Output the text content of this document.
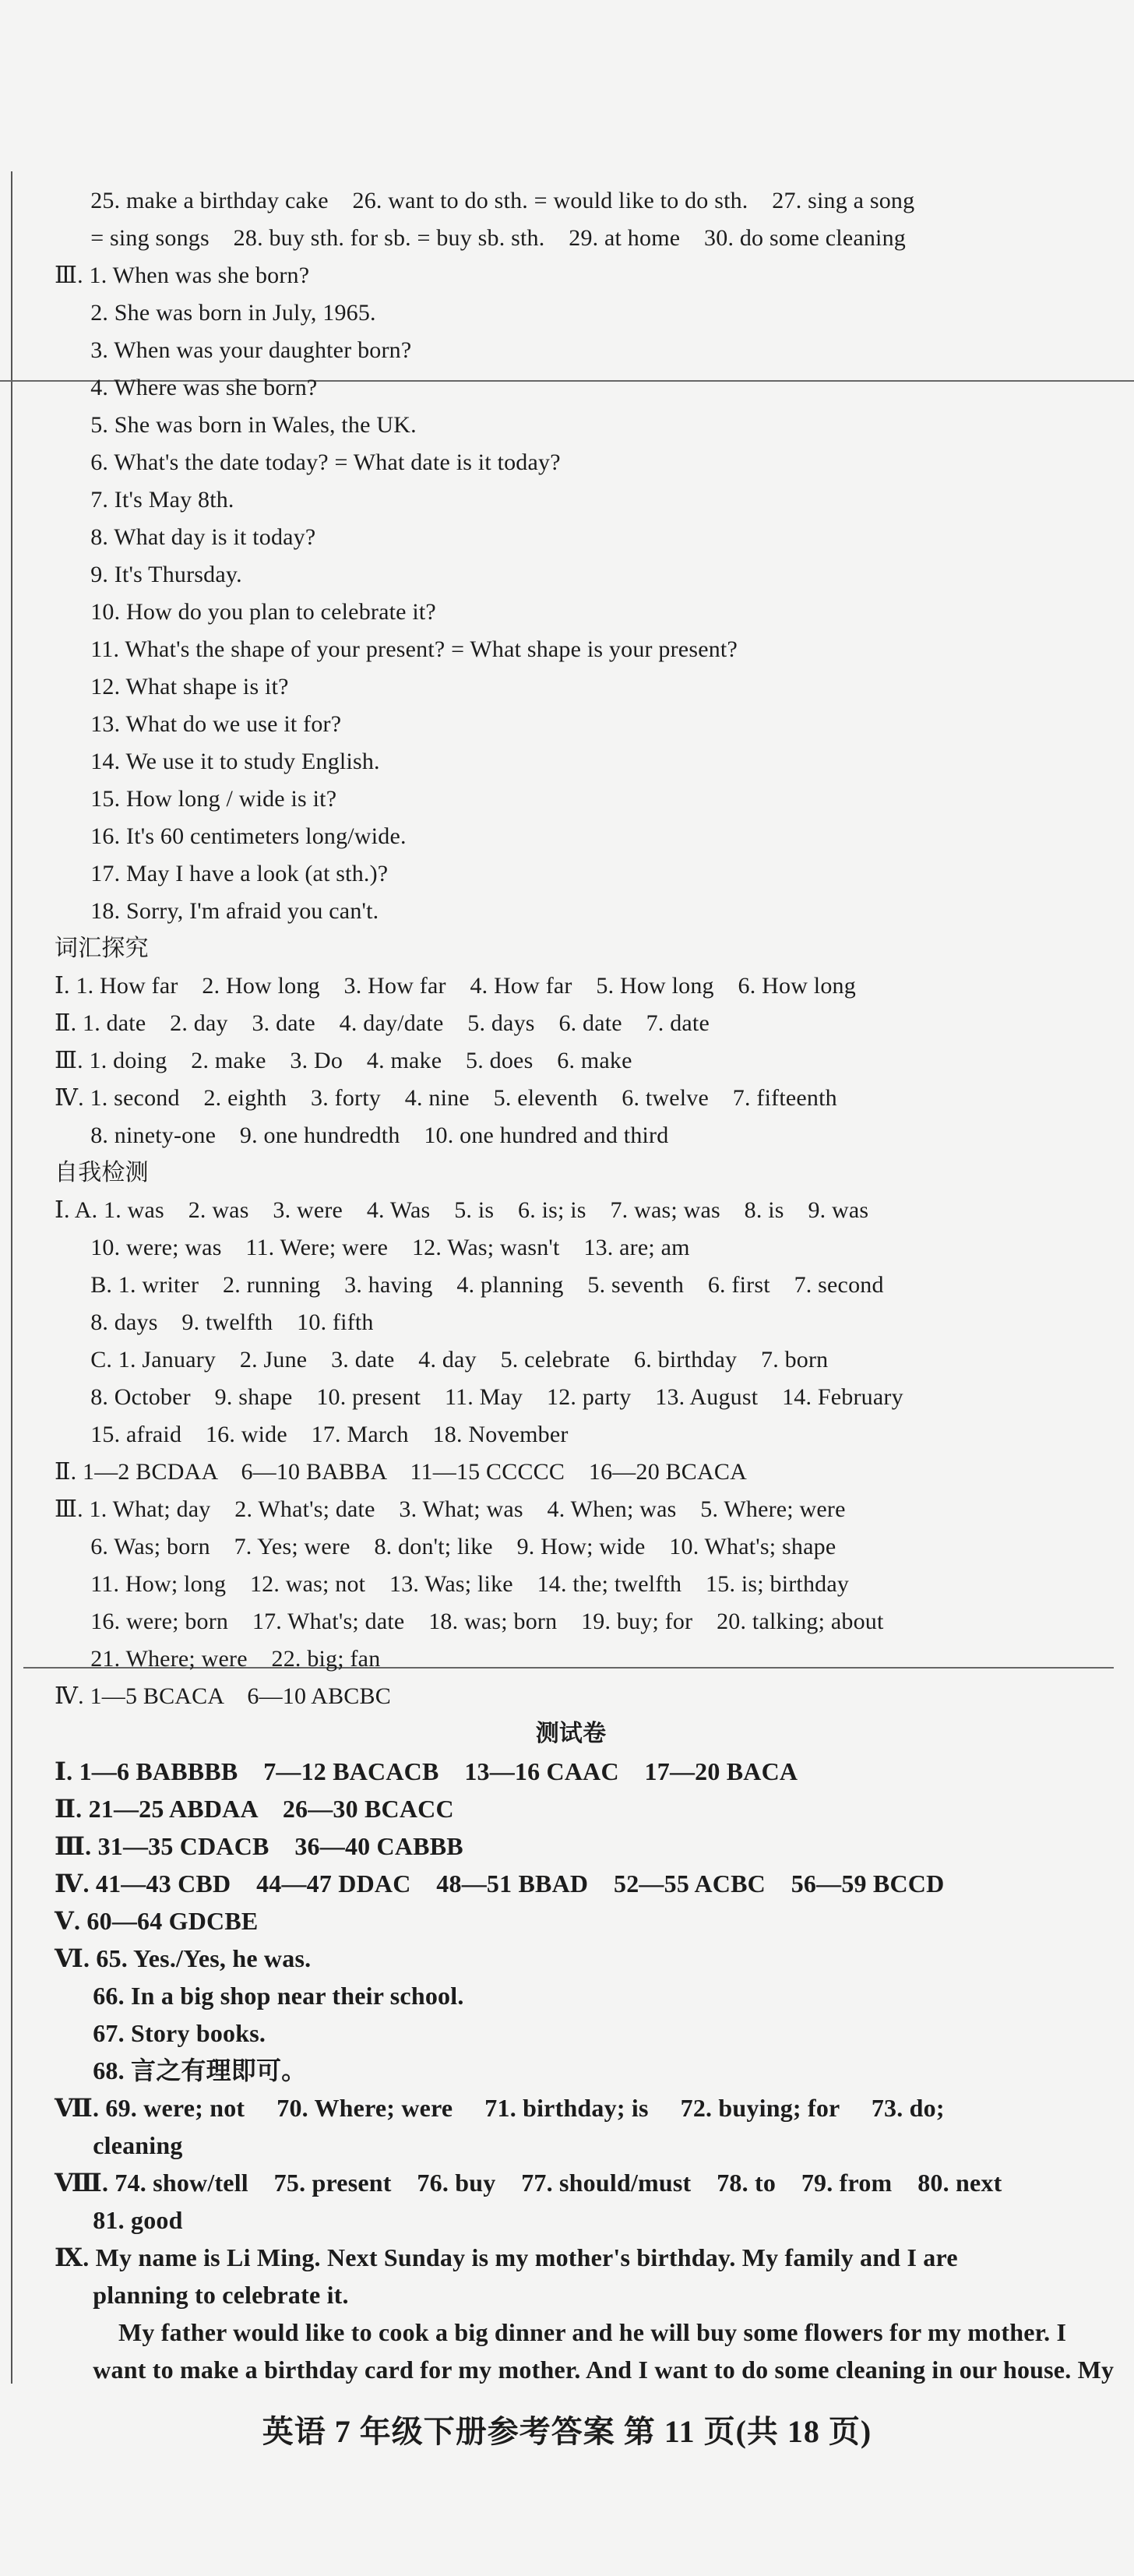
25. make a birthday cake    26. want to do sth. = would like to do sth.    27. sing a song
= sing songs    28. buy sth. for sb. = buy sb. sth.    29. at home    30. do some cleaning
Ⅲ. 1. When was she born?
2. She was born in July, 1965.
3. When was your daughter born?
4. Where was she born?
5. She was born in Wales, the UK.
6. What's the date today? = What date is it today?
7. It's May 8th.
8. What day is it today?
9. It's Thursday.
10. How do you plan to celebrate it?
11. What's the shape of your present? = What shape is your present?
12. What shape is it?
13. What do we use it for?
14. We use it to study English.
15. How long / wide is it?
16. It's 60 centimeters long/wide.
17. May I have a look (at sth.)?
18. Sorry, I'm afraid you can't.
词汇探究
Ⅰ. 1. How far    2. How long    3. How far    4. How far    5. How long    6. How long
Ⅱ. 1. date    2. day    3. date    4. day/date    5. days    6. date    7. date
Ⅲ. 1. doing    2. make    3. Do    4. make    5. does    6. make
Ⅳ. 1. second    2. eighth    3. forty    4. nine    5. eleventh    6. twelve    7. fifteenth
8. ninety-one    9. one hundredth    10. one hundred and third
自我检测
Ⅰ. A. 1. was    2. was    3. were    4. Was    5. is    6. is; is    7. was; was    8. is    9. was
10. were; was    11. Were; were    12. Was; wasn't    13. are; am
B. 1. writer    2. running    3. having    4. planning    5. seventh    6. first    7. second
8. days    9. twelfth    10. fifth
C. 1. January    2. June    3. date    4. day    5. celebrate    6. birthday    7. born
8. October    9. shape    10. present    11. May    12. party    13. August    14. February
15. afraid    16. wide    17. March    18. November
Ⅱ. 1—2 BCDAA    6—10 BABBA    11—15 CCCCC    16—20 BCACA
Ⅲ. 1. What; day    2. What's; date    3. What; was    4. When; was    5. Where; were
6. Was; born    7. Yes; were    8. don't; like    9. How; wide    10. What's; shape
11. How; long    12. was; not    13. Was; like    14. the; twelfth    15. is; birthday
16. were; born    17. What's; date    18. was; born    19. buy; for    20. talking; about
21. Where; were    22. big; fan
Ⅳ. 1—5 BCACA    6—10 ABCBC
测试卷
Ⅰ. 1—6 BABBBB    7—12 BACACB    13—16 CAAC    17—20 BACA
Ⅱ. 21—25 ABDAA    26—30 BCACC
Ⅲ. 31—35 CDACB    36—40 CABBB
Ⅳ. 41—43 CBD    44—47 DDAC    48—51 BBAD    52—55 ACBC    56—59 BCCD
Ⅴ. 60—64 GDCBE
Ⅵ. 65. Yes./Yes, he was.
66. In a big shop near their school.
67. Story books.
68. 言之有理即可。
Ⅶ. 69. were; not     70. Where; were     71. birthday; is     72. buying; for     73. do;
cleaning
Ⅷ. 74. show/tell    75. present    76. buy    77. should/must    78. to    79. from    80. next
81. good
Ⅸ. My name is Li Ming. Next Sunday is my mother's birthday. My family and I are
planning to celebrate it.
My father would like to cook a big dinner and he will buy some flowers for my mother. I
want to make a birthday card for my mother. And I want to do some cleaning in our house. My
英语 7 年级下册参考答案 第 11 页(共 18 页)
